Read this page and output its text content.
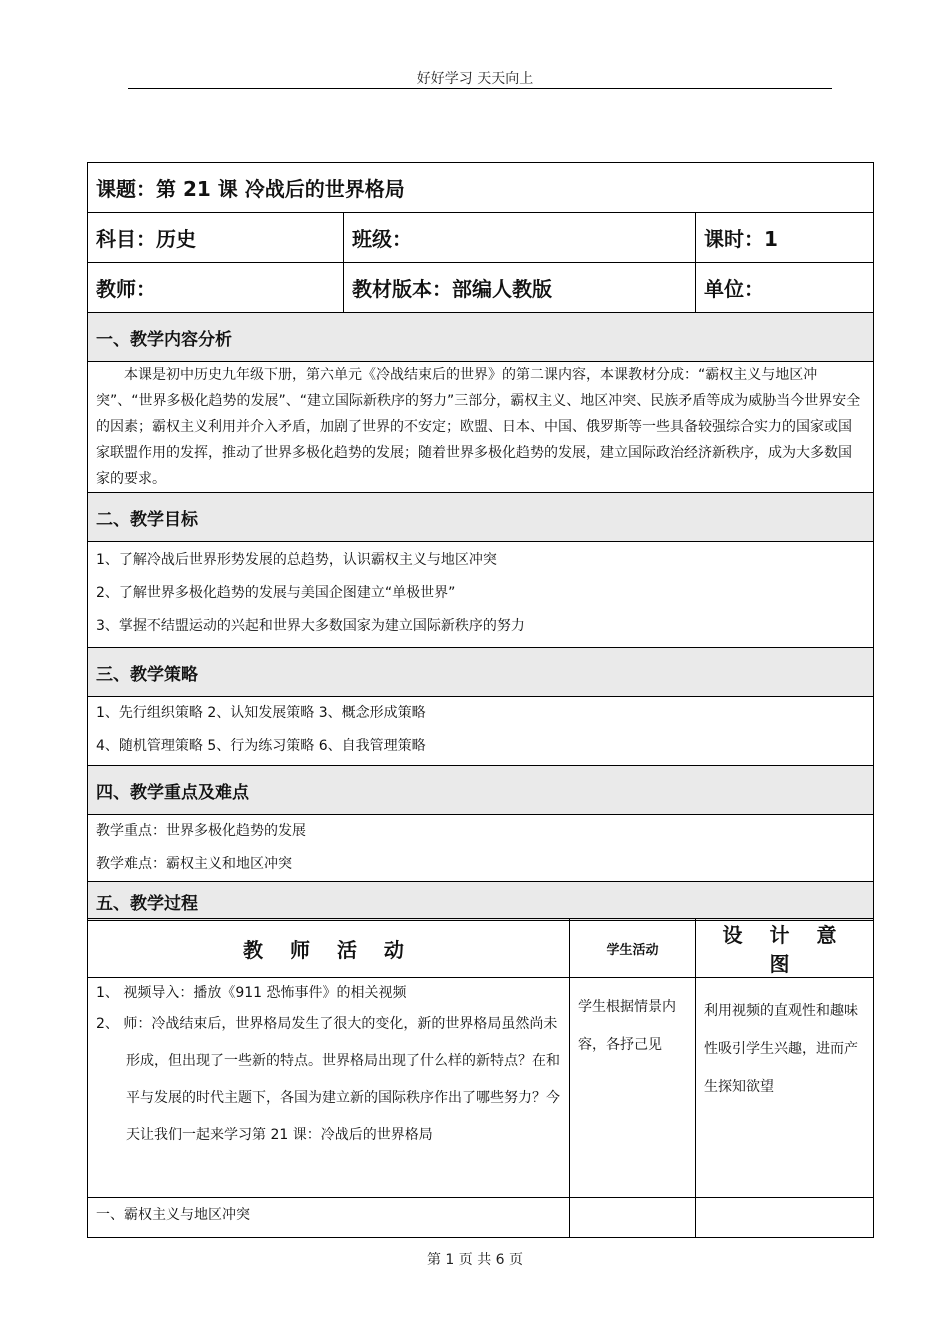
好好学习 天天向上
课题：第 21 课 冷战后的世界格局		
科目：历史	班级：	课时：1
教师：	教材版本：部编人教版	单位：
一、教学内容分析		
本课是初中历史九年级下册，第六单元《冷战结束后的世界》的第二课内容，本课教材分成：“霸权主义与地区冲突”、“世界多极化趋势的发展”、“建立国际新秩序的努力”三部分，霸权主义、地区冲突、民族矛盾等成为威胁当今世界安全的因素；霸权主义利用并介入矛盾，加剧了世界的不安定；欧盟、日本、中国、俄罗斯等一些具备较强综合实力的国家或国家联盟作用的发挥，推动了世界多极化趋势的发展；随着世界多极化趋势的发展，建立国际政治经济新秩序，成为大多数国家的要求。		
二、教学目标		

1、了解冷战后世界形势发展的总趋势，认识霸权主义与地区冲突
2、了解世界多极化趋势的发展与美国企图建立“单极世界”
3、掌握不结盟运动的兴起和世界大多数国家为建立国际新秩序的努力		

三、教学策略		

1、先行组织策略 2、认知发展策略 3、概念形成策略
4、随机管理策略 5、行为练习策略 6、自我管理策略		

四、教学重点及难点		

教学重点：世界多极化趋势的发展
教学难点：霸权主义和地区冲突		

五、教学过程		
教 师 活 动	学生活动	设 计 意 图

1、 视频导入：播放《911 恐怖事件》的相关视频
2、 师：冷战结束后，世界格局发生了很大的变化，新的世界格局虽然尚未形成，但出现了一些新的特点。世界格局出现了什么样的新特点？在和平与发展的时代主题下，各国为建立新的国际秩序作出了哪些努力？今天让我们一起来学习第 21 课：冷战后的世界格局	学生根据情景内容，各抒己见	利用视频的直观性和趣味性吸引学生兴趣，进而产生探知欲望
一、霸权主义与地区冲突		
第 1 页 共 6 页
